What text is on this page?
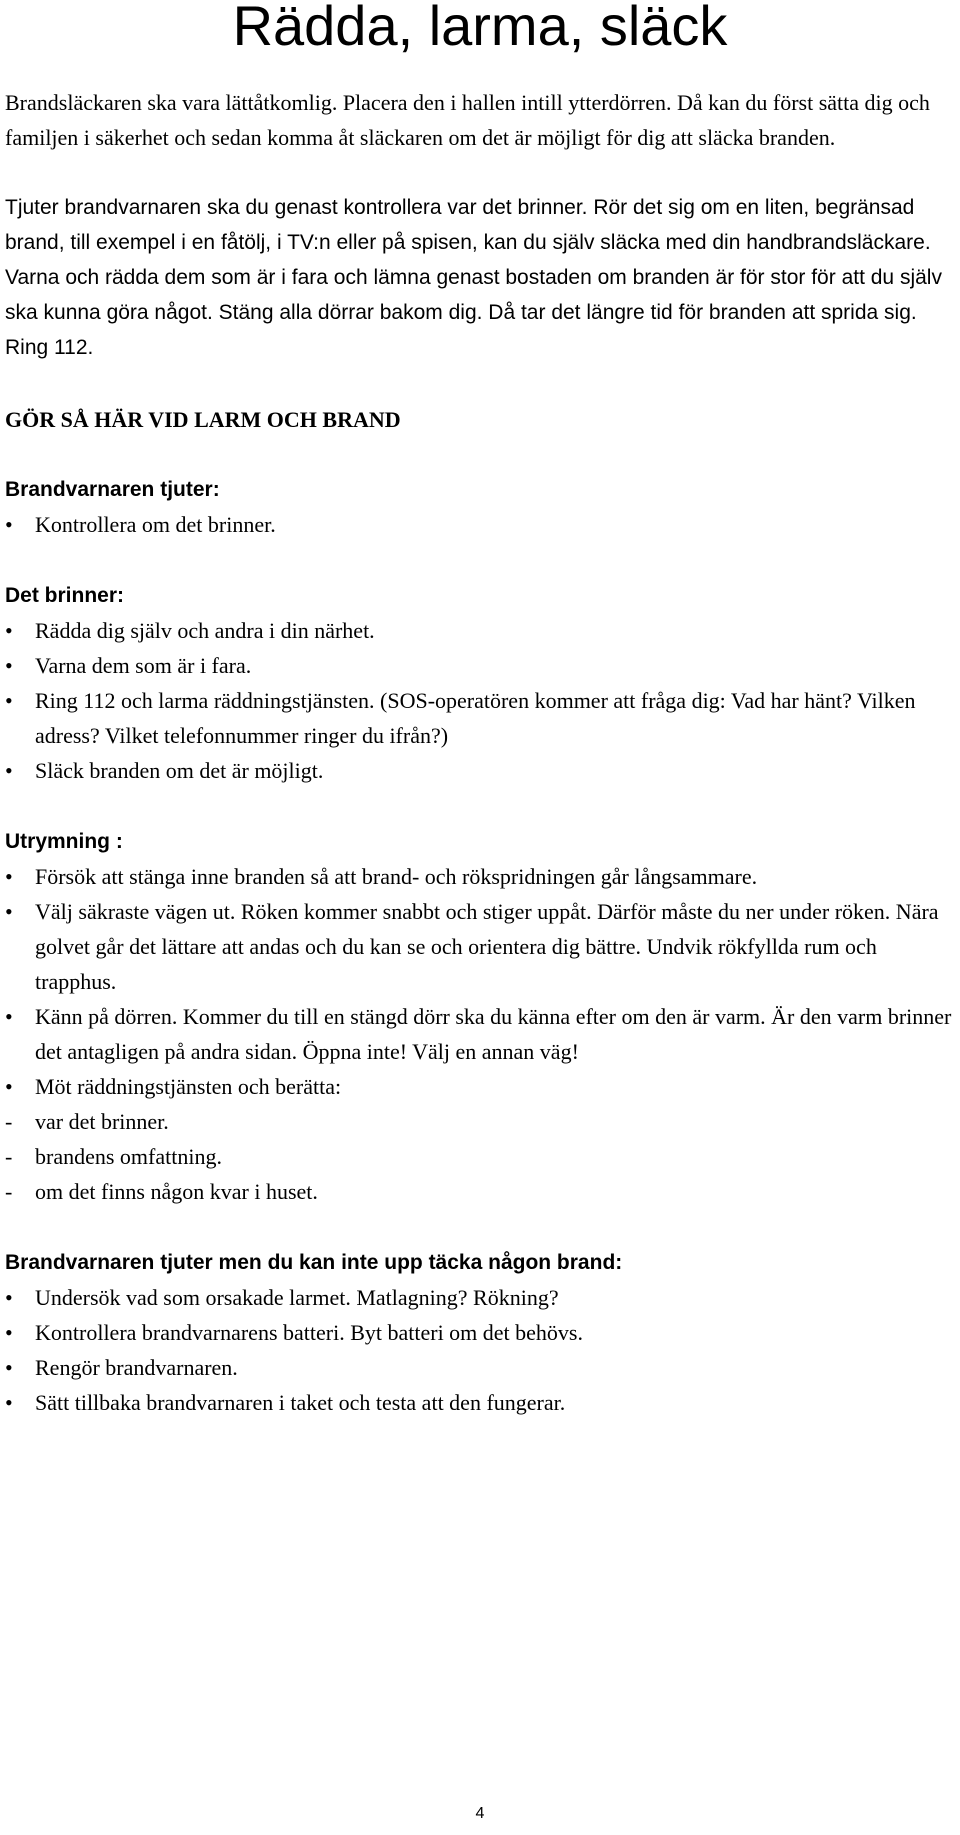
Rädda, larma, släck

Brandsläckaren ska vara lättåtkomlig. Placera den i hallen intill ytterdörren. Då kan du först sätta dig och familjen i säkerhet och sedan komma åt släckaren om det är möjligt för dig att släcka branden.

Tjuter brandvarnaren ska du genast kontrollera var det brinner. Rör det sig om en liten, begränsad brand, till exempel i en fåtölj, i TV:n eller på spisen, kan du själv släcka med din handbrandsläckare. Varna och rädda dem som är i fara och lämna genast bostaden om branden är för stor för att du själv ska kunna göra något. Stäng alla dörrar bakom dig. Då tar det längre tid för branden att sprida sig. Ring 112.

GÖR SÅ HÄR VID LARM OCH BRAND
Brandvarnaren tjuter:
•	Kontrollera om det brinner.
Det brinner:
•	Rädda dig själv och andra i din närhet.
•	Varna dem som är i fara.
•	Ring 112 och larma räddningstjänsten. (SOS-operatören kommer att fråga dig: Vad har hänt? Vilken adress? Vilket telefonnummer ringer du ifrån?)
•	Släck branden om det är möjligt.
Utrymning :
•	Försök att stänga inne branden så att brand- och rökspridningen går långsammare.
•	Välj säkraste vägen ut. Röken kommer snabbt och stiger uppåt. Därför måste du ner under röken. Nära golvet går det lättare att andas och du kan se och orientera dig bättre. Undvik rökfyllda rum och trapphus.
•	Känn på dörren. Kommer du till en stängd dörr ska du känna efter om den är varm. Är den varm brinner det antagligen på andra sidan. Öppna inte! Välj en annan väg!
•	Möt räddningstjänsten och berätta:
-	var det brinner.
-	brandens omfattning.
-	om det finns någon kvar i huset.
Brandvarnaren tjuter men du kan inte upp täcka någon brand:
•	Undersök vad som orsakade larmet. Matlagning? Rökning?
•	Kontrollera brandvarnarens batteri. Byt batteri om det behövs.
•	Rengör brandvarnaren.
•	Sätt tillbaka brandvarnaren i taket och testa att den fungerar.
4
